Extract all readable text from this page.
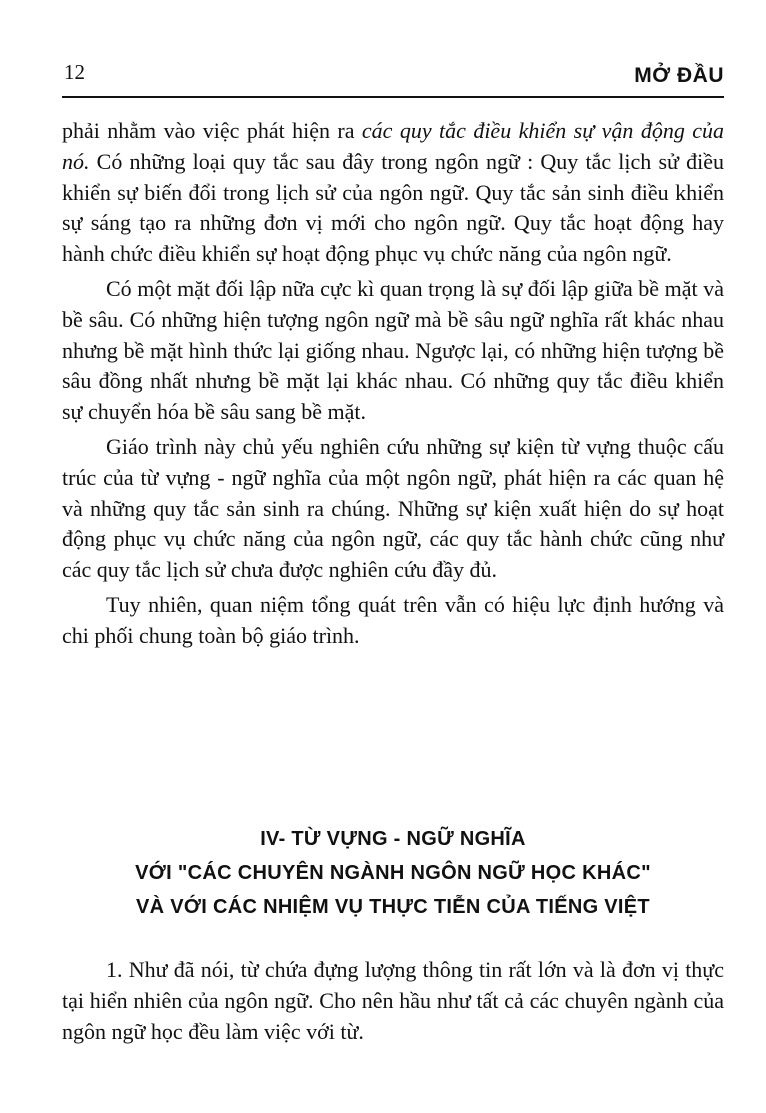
12	MỞ ĐẦU

phải nhằm vào việc phát hiện ra các quy tắc điều khiển sự vận động của nó. Có những loại quy tắc sau đây trong ngôn ngữ : Quy tắc lịch sử điều khiển sự biến đổi trong lịch sử của ngôn ngữ. Quy tắc sản sinh điều khiển sự sáng tạo ra những đơn vị mới cho ngôn ngữ. Quy tắc hoạt động hay hành chức điều khiển sự hoạt động phục vụ chức năng của ngôn ngữ.

Có một mặt đối lập nữa cực kì quan trọng là sự đối lập giữa bề mặt và bề sâu. Có những hiện tượng ngôn ngữ mà bề sâu ngữ nghĩa rất khác nhau nhưng bề mặt hình thức lại giống nhau. Ngược lại, có những hiện tượng bề sâu đồng nhất nhưng bề mặt lại khác nhau. Có những quy tắc điều khiển sự chuyển hóa bề sâu sang bề mặt.

Giáo trình này chủ yếu nghiên cứu những sự kiện từ vựng thuộc cấu trúc của từ vựng - ngữ nghĩa của một ngôn ngữ, phát hiện ra các quan hệ và những quy tắc sản sinh ra chúng. Những sự kiện xuất hiện do sự hoạt động phục vụ chức năng của ngôn ngữ, các quy tắc hành chức cũng như các quy tắc lịch sử chưa được nghiên cứu đầy đủ.

Tuy nhiên, quan niệm tổng quát trên vẫn có hiệu lực định hướng và chi phối chung toàn bộ giáo trình.

IV- TỪ VỰNG - NGỮ NGHĨA
VỚI "CÁC CHUYÊN NGÀNH NGÔN NGỮ HỌC KHÁC"
VÀ VỚI CÁC NHIỆM VỤ THỰC TIỄN CỦA TIẾNG VIỆT

1. Như đã nói, từ chứa đựng lượng thông tin rất lớn và là đơn vị thực tại hiển nhiên của ngôn ngữ. Cho nên hầu như tất cả các chuyên ngành của ngôn ngữ học đều làm việc với từ.
